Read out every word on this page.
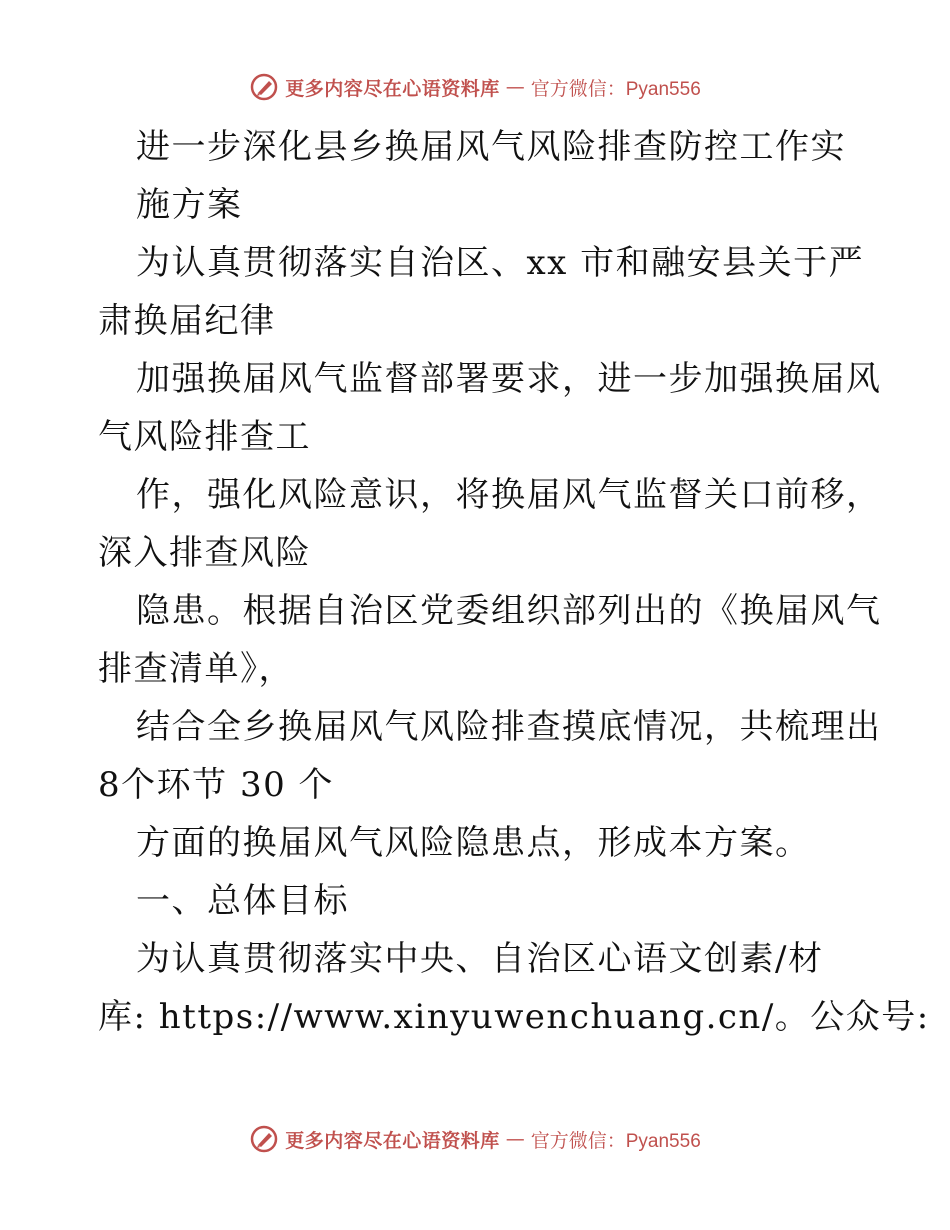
更多内容尽在心语资料库 — 官方微信：Pyan556
进一步深化县乡换届风气风险排查防控工作实
施方案
为认真贯彻落实自治区、xx 市和融安县关于严
肃换届纪律
加强换届风气监督部署要求，进一步加强换届风
气风险排查工
作，强化风险意识，将换届风气监督关口前移，
深入排查风险
隐患。根据自治区党委组织部列出的《换届风气
排查清单》，
结合全乡换届风气风险排查摸底情况，共梳理出
8个环节 30 个
方面的换届风气风险隐患点，形成本方案。
一、总体目标
为认真贯彻落实中央、自治区心语文创素/材
库: https://www.xinyuwenchuang.cn/。公众号:
更多内容尽在心语资料库 — 官方微信：Pyan556
